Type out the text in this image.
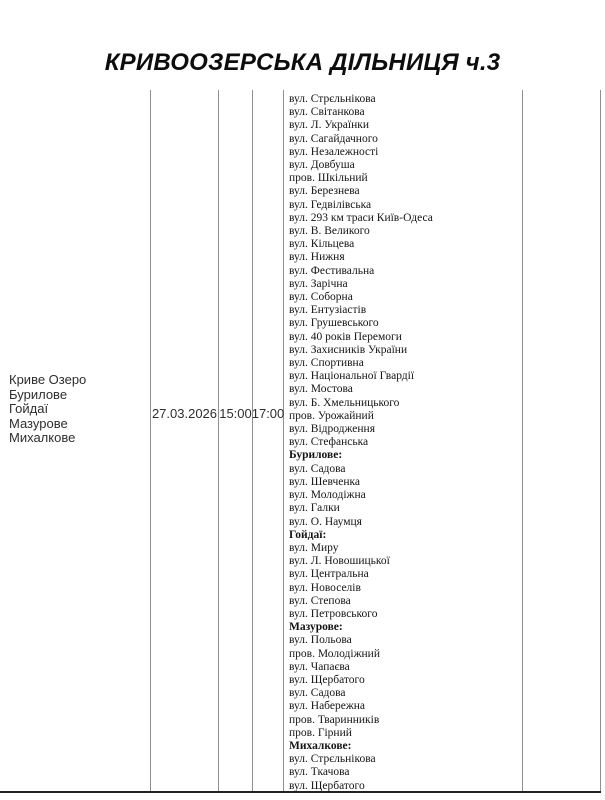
КРИВООЗЕРСЬКА ДІЛЬНИЦЯ ч.3
Криве Озеро
Бурилове
Гойдаї
Мазурове
Михалкове
27.03.2026 15:00 17:00
вул. Стрєльнікова
вул. Світанкова
вул. Л. Українки
вул. Сагайдачного
вул. Незалежності
вул. Довбуша
пров. Шкільний
вул. Березнева
вул. Гедвілівська
вул. 293 км траси Київ-Одеса
вул. В. Великого
вул. Кільцева
вул. Нижня
вул. Фестивальна
вул. Зарічна
вул. Соборна
вул. Ентузіастів
вул. Грушевського
вул. 40 років Перемоги
вул. Захисників України
вул. Спортивна
вул. Національної Гвардії
вул. Мостова
вул. Б. Хмельницького
пров. Урожайний
вул. Відродження
вул. Стефанська
Бурилове:
вул. Садова
вул. Шевченка
вул. Молодіжна
вул. Галки
вул. О. Наумця
Гойдаї:
вул. Миру
вул. Л. Новошицької
вул. Центральна
вул. Новоселів
вул. Степова
вул. Петровського
Мазурове:
вул. Польова
пров. Молодіжний
вул. Чапаєва
вул. Щербатого
вул. Садова
вул. Набережна
пров. Тваринників
пров. Гірний
Михалкове:
вул. Стрєльнікова
вул. Ткачова
вул. Щербатого
